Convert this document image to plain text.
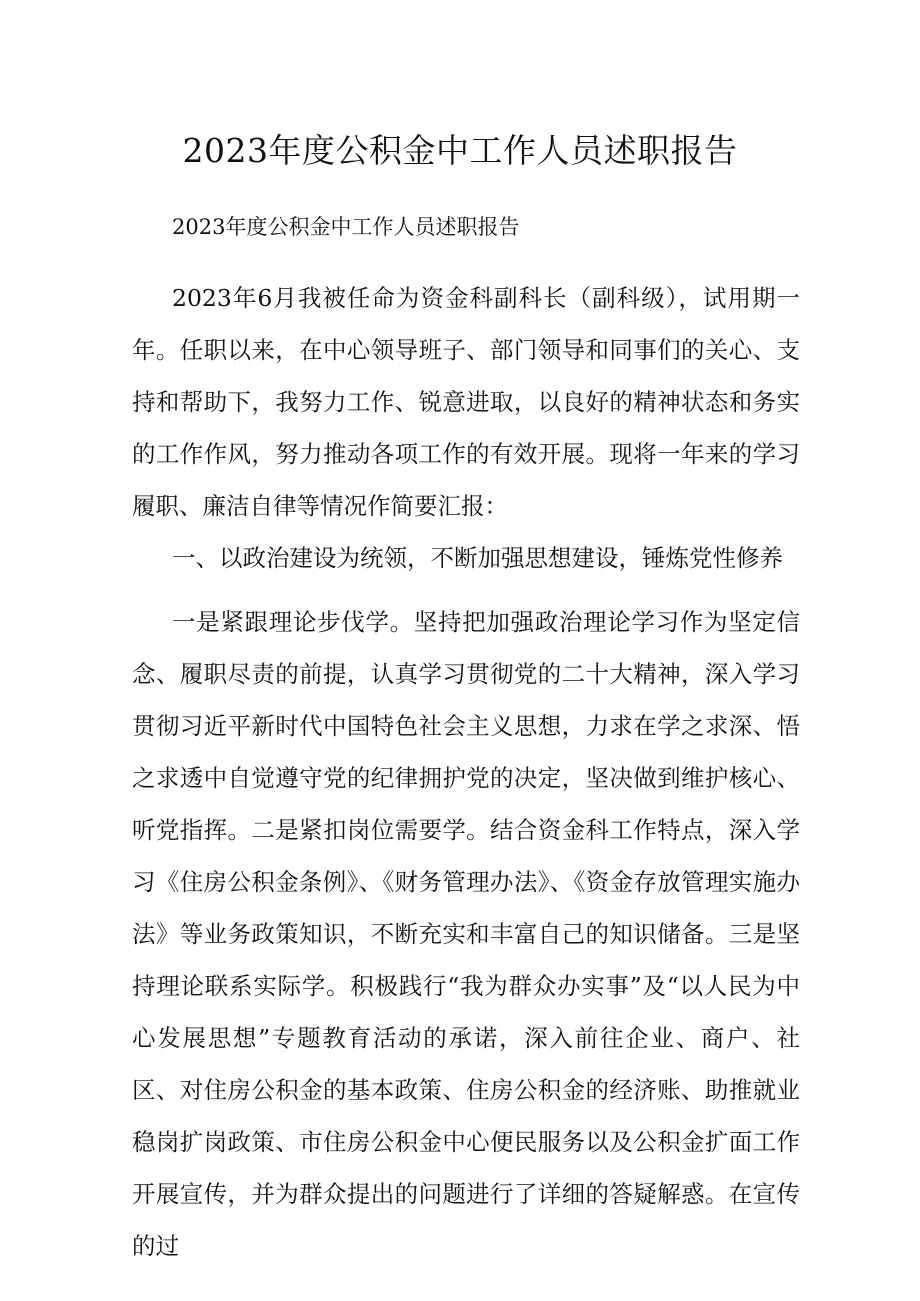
2023年度公积金中工作人员述职报告

2023年度公积金中工作人员述职报告

2023年6月我被任命为资金科副科长（副科级），试用期一年。任职以来，在中心领导班子、部门领导和同事们的关心、支持和帮助下，我努力工作、锐意进取，以良好的精神状态和务实的工作作风，努力推动各项工作的有效开展。现将一年来的学习履职、廉洁自律等情况作简要汇报：

一、以政治建设为统领，不断加强思想建设，锤炼党性修养

一是紧跟理论步伐学。坚持把加强政治理论学习作为坚定信念、履职尽责的前提，认真学习贯彻党的二十大精神，深入学习贯彻习近平新时代中国特色社会主义思想，力求在学之求深、悟之求透中自觉遵守党的纪律拥护党的决定，坚决做到维护核心、听党指挥。二是紧扣岗位需要学。结合资金科工作特点，深入学习《住房公积金条例》、《财务管理办法》、《资金存放管理实施办法》等业务政策知识，不断充实和丰富自己的知识储备。三是坚持理论联系实际学。积极践行“我为群众办实事”及“以人民为中心发展思想”专题教育活动的承诺，深入前往企业、商户、社区、对住房公积金的基本政策、住房公积金的经济账、助推就业稳岗扩岗政策、市住房公积金中心便民服务以及公积金扩面工作开展宣传，并为群众提出的问题进行了详细的答疑解惑。在宣传的过
